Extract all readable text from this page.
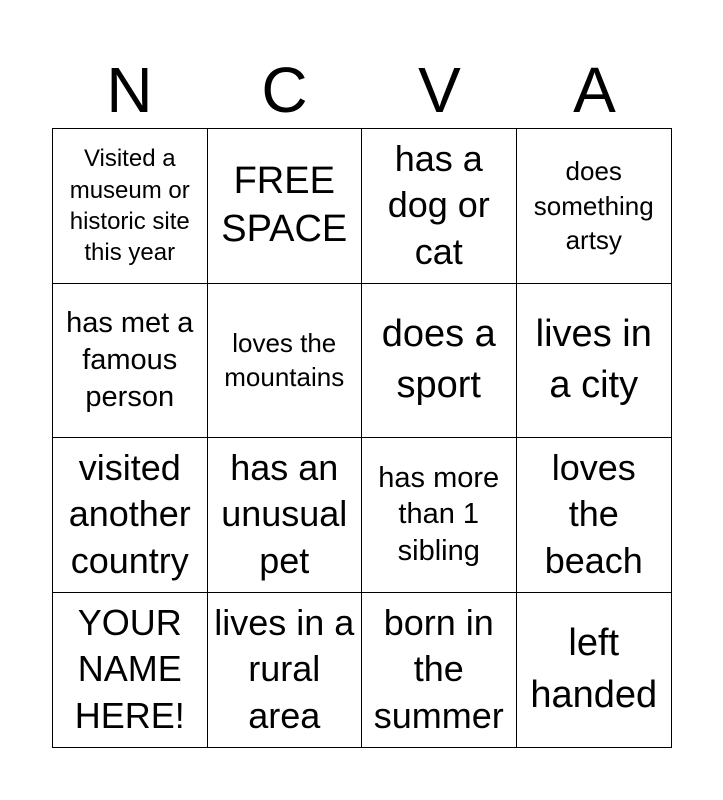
N	C	V	A
Visited a museum or historic site this year
FREE SPACE
has a dog or cat
does something artsy
has met a famous person
loves the mountains
does a sport
lives in a city
visited another country
has an unusual pet
has more than 1 sibling
loves the beach
YOUR NAME HERE!
lives in a rural area
born in the summer
left handed
